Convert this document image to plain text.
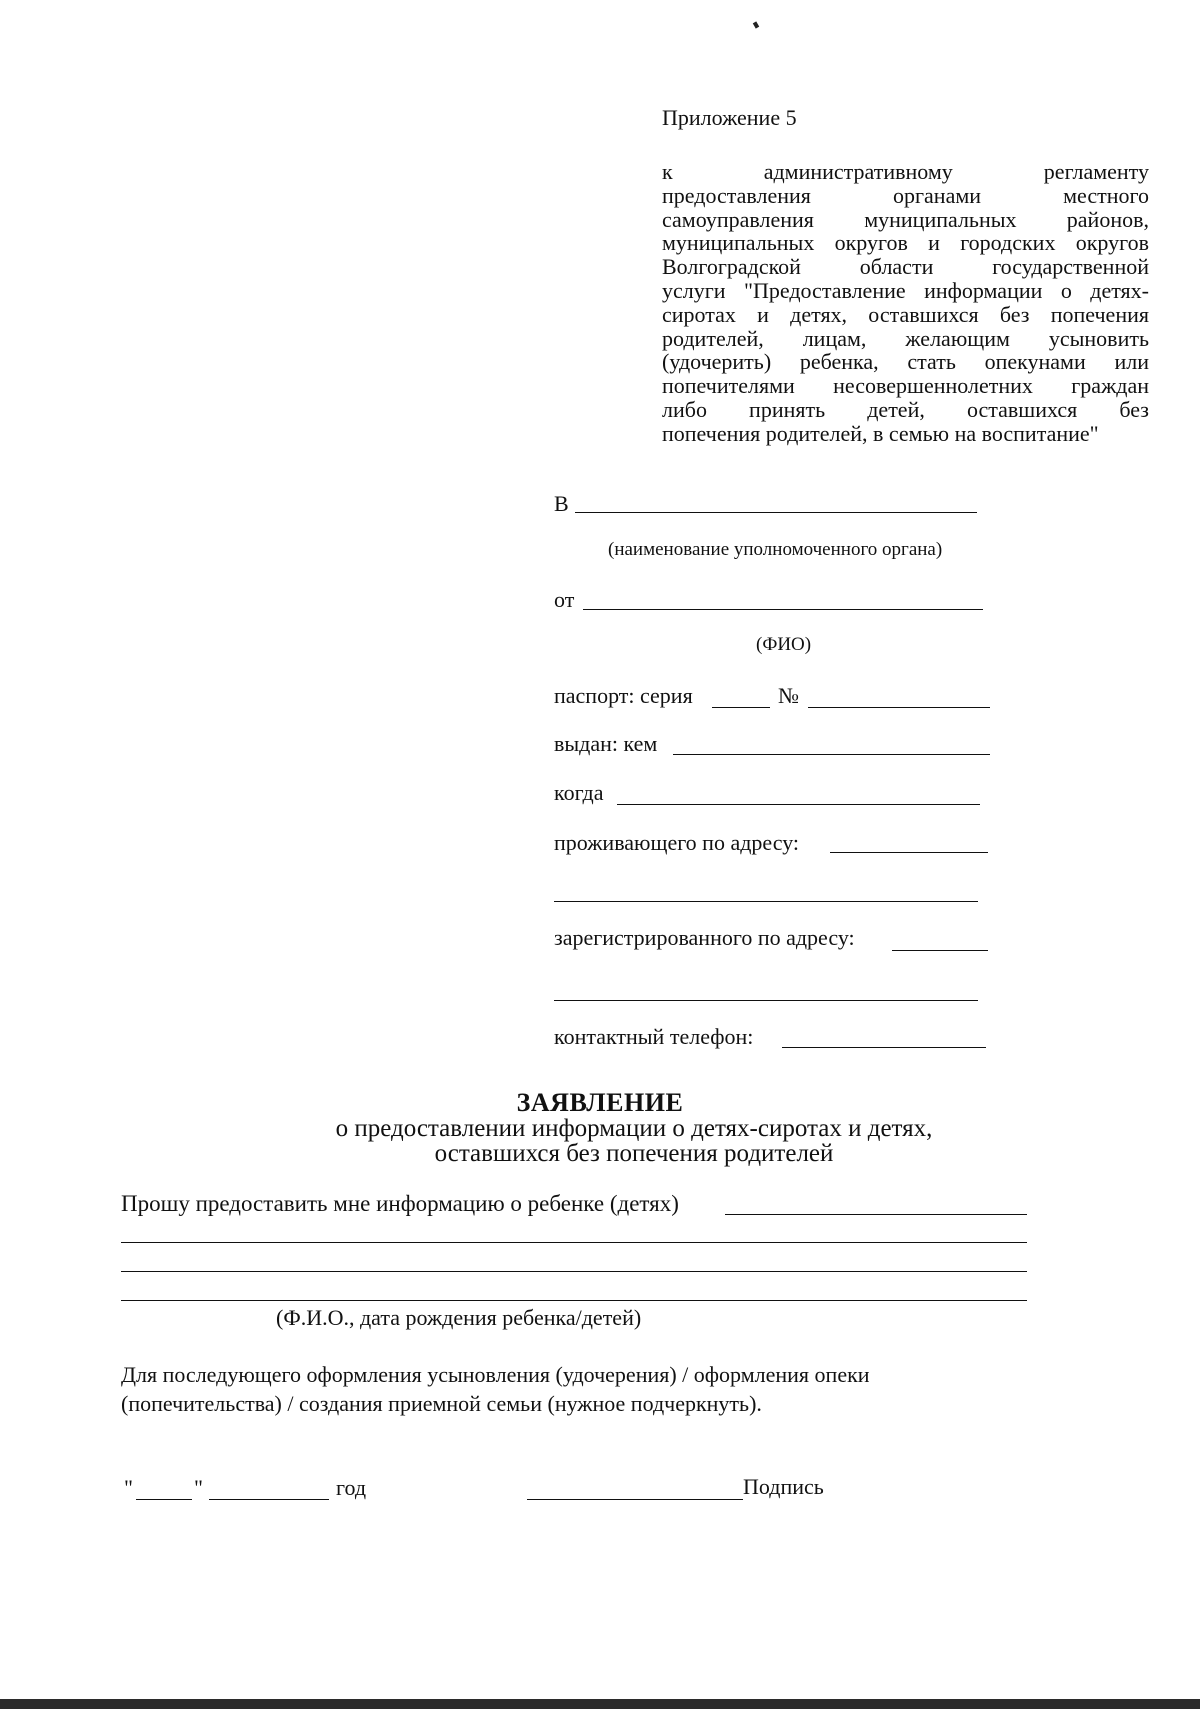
Приложение 5
к административному регламенту
предоставления органами местного
самоуправления муниципальных районов,
муниципальных округов и городских округов
Волгоградской области государственной
услуги "Предоставление информации о детях-
сиротах и детях, оставшихся без попечения
родителей, лицам, желающим усыновить
(удочерить) ребенка, стать опекунами или
попечителями несовершеннолетних граждан
либо принять детей, оставшихся без
попечения родителей, в семью на воспитание"
В
(наименование уполномоченного органа)
от
(ФИО)
паспорт: серия	№
выдан: кем
когда
проживающего по адресу:
зарегистрированного по адресу:
контактный телефон:
ЗАЯВЛЕНИЕ
о предоставлении информации о детях-сиротах и детях,
оставшихся без попечения родителей
Прошу предоставить мне информацию о ребенке (детях)
(Ф.И.О., дата рождения ребенка/детей)
Для последующего оформления усыновления (удочерения) / оформления опеки
(попечительства) / создания приемной семьи (нужное подчеркнуть).
"	"	год	Подпись
